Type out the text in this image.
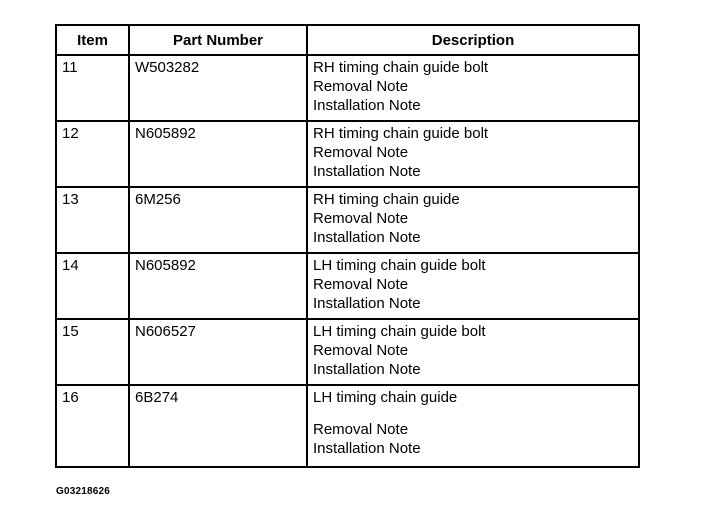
Item	Part Number	Description
11	W503282	RH timing chain guide bolt
Removal Note
Installation Note

12	N605892	RH timing chain guide bolt
Removal Note
Installation Note

13	6M256	RH timing chain guide
Removal Note
Installation Note

14	N605892	LH timing chain guide bolt
Removal Note
Installation Note

15	N606527	LH timing chain guide bolt
Removal Note
Installation Note

16	6B274	LH timing chain guide
Removal Note
Installation Note
G03218626
